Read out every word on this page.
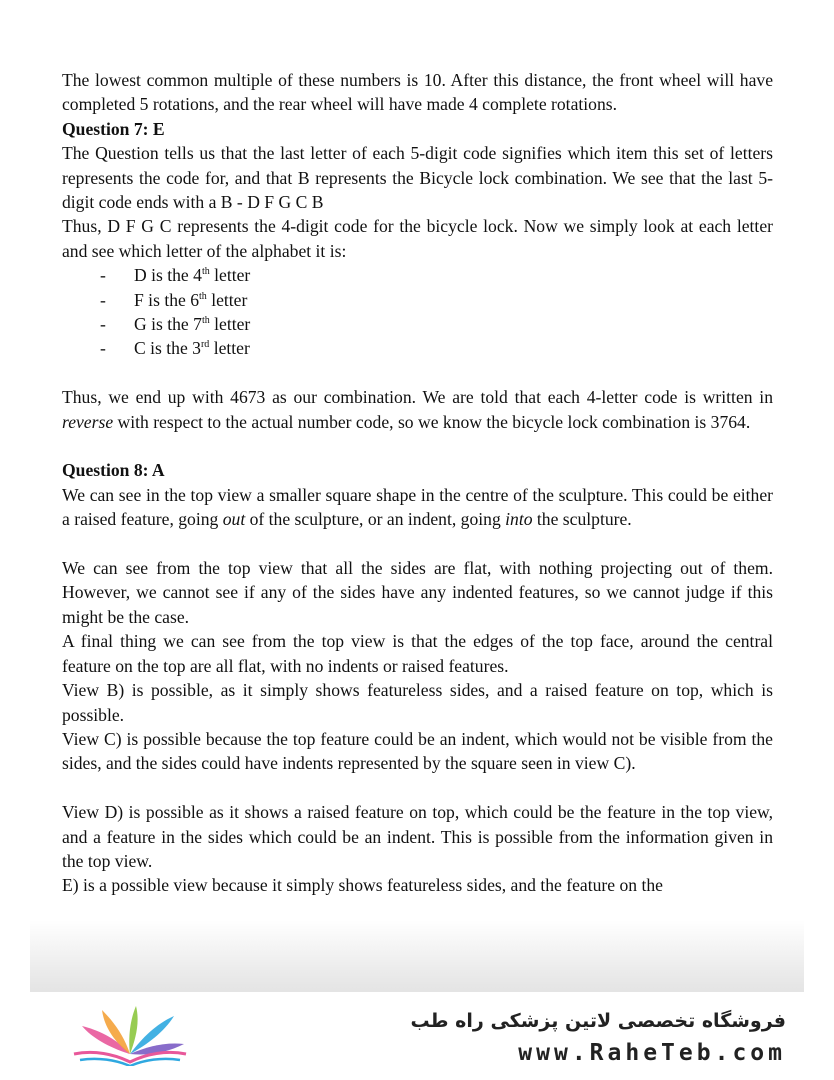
The lowest common multiple of these numbers is 10. After this distance, the front wheel will have completed 5 rotations, and the rear wheel will have made 4 complete rotations.

Question 7: E

The Question tells us that the last letter of each 5-digit code signifies which item this set of letters represents the code for, and that B represents the Bicycle lock combination. We see that the last 5-digit code ends with a B - D F G C B

Thus, D F G C represents the 4-digit code for the bicycle lock. Now we simply look at each letter and see which letter of the alphabet it is:

- D is the 4th letter
- F is the 6th letter
- G is the 7th letter
- C is the 3rd letter

Thus, we end up with 4673 as our combination. We are told that each 4-letter code is written in reverse with respect to the actual number code, so we know the bicycle lock combination is 3764.

Question 8: A

We can see in the top view a smaller square shape in the centre of the sculpture. This could be either a raised feature, going out of the sculpture, or an indent, going into the sculpture.

We can see from the top view that all the sides are flat, with nothing projecting out of them. However, we cannot see if any of the sides have any indented features, so we cannot judge if this might be the case.

A final thing we can see from the top view is that the edges of the top face, around the central feature on the top are all flat, with no indents or raised features.

View B) is possible, as it simply shows featureless sides, and a raised feature on top, which is possible.

View C) is possible because the top feature could be an indent, which would not be visible from the sides, and the sides could have indents represented by the square seen in view C).

View D) is possible as it shows a raised feature on top, which could be the feature in the top view, and a feature in the sides which could be an indent. This is possible from the information given in the top view.

E) is a possible view because it simply shows featureless sides, and the feature on the

فروشگاه تخصصی لاتین پزشکی راه طب
www.RaheTeb.com
